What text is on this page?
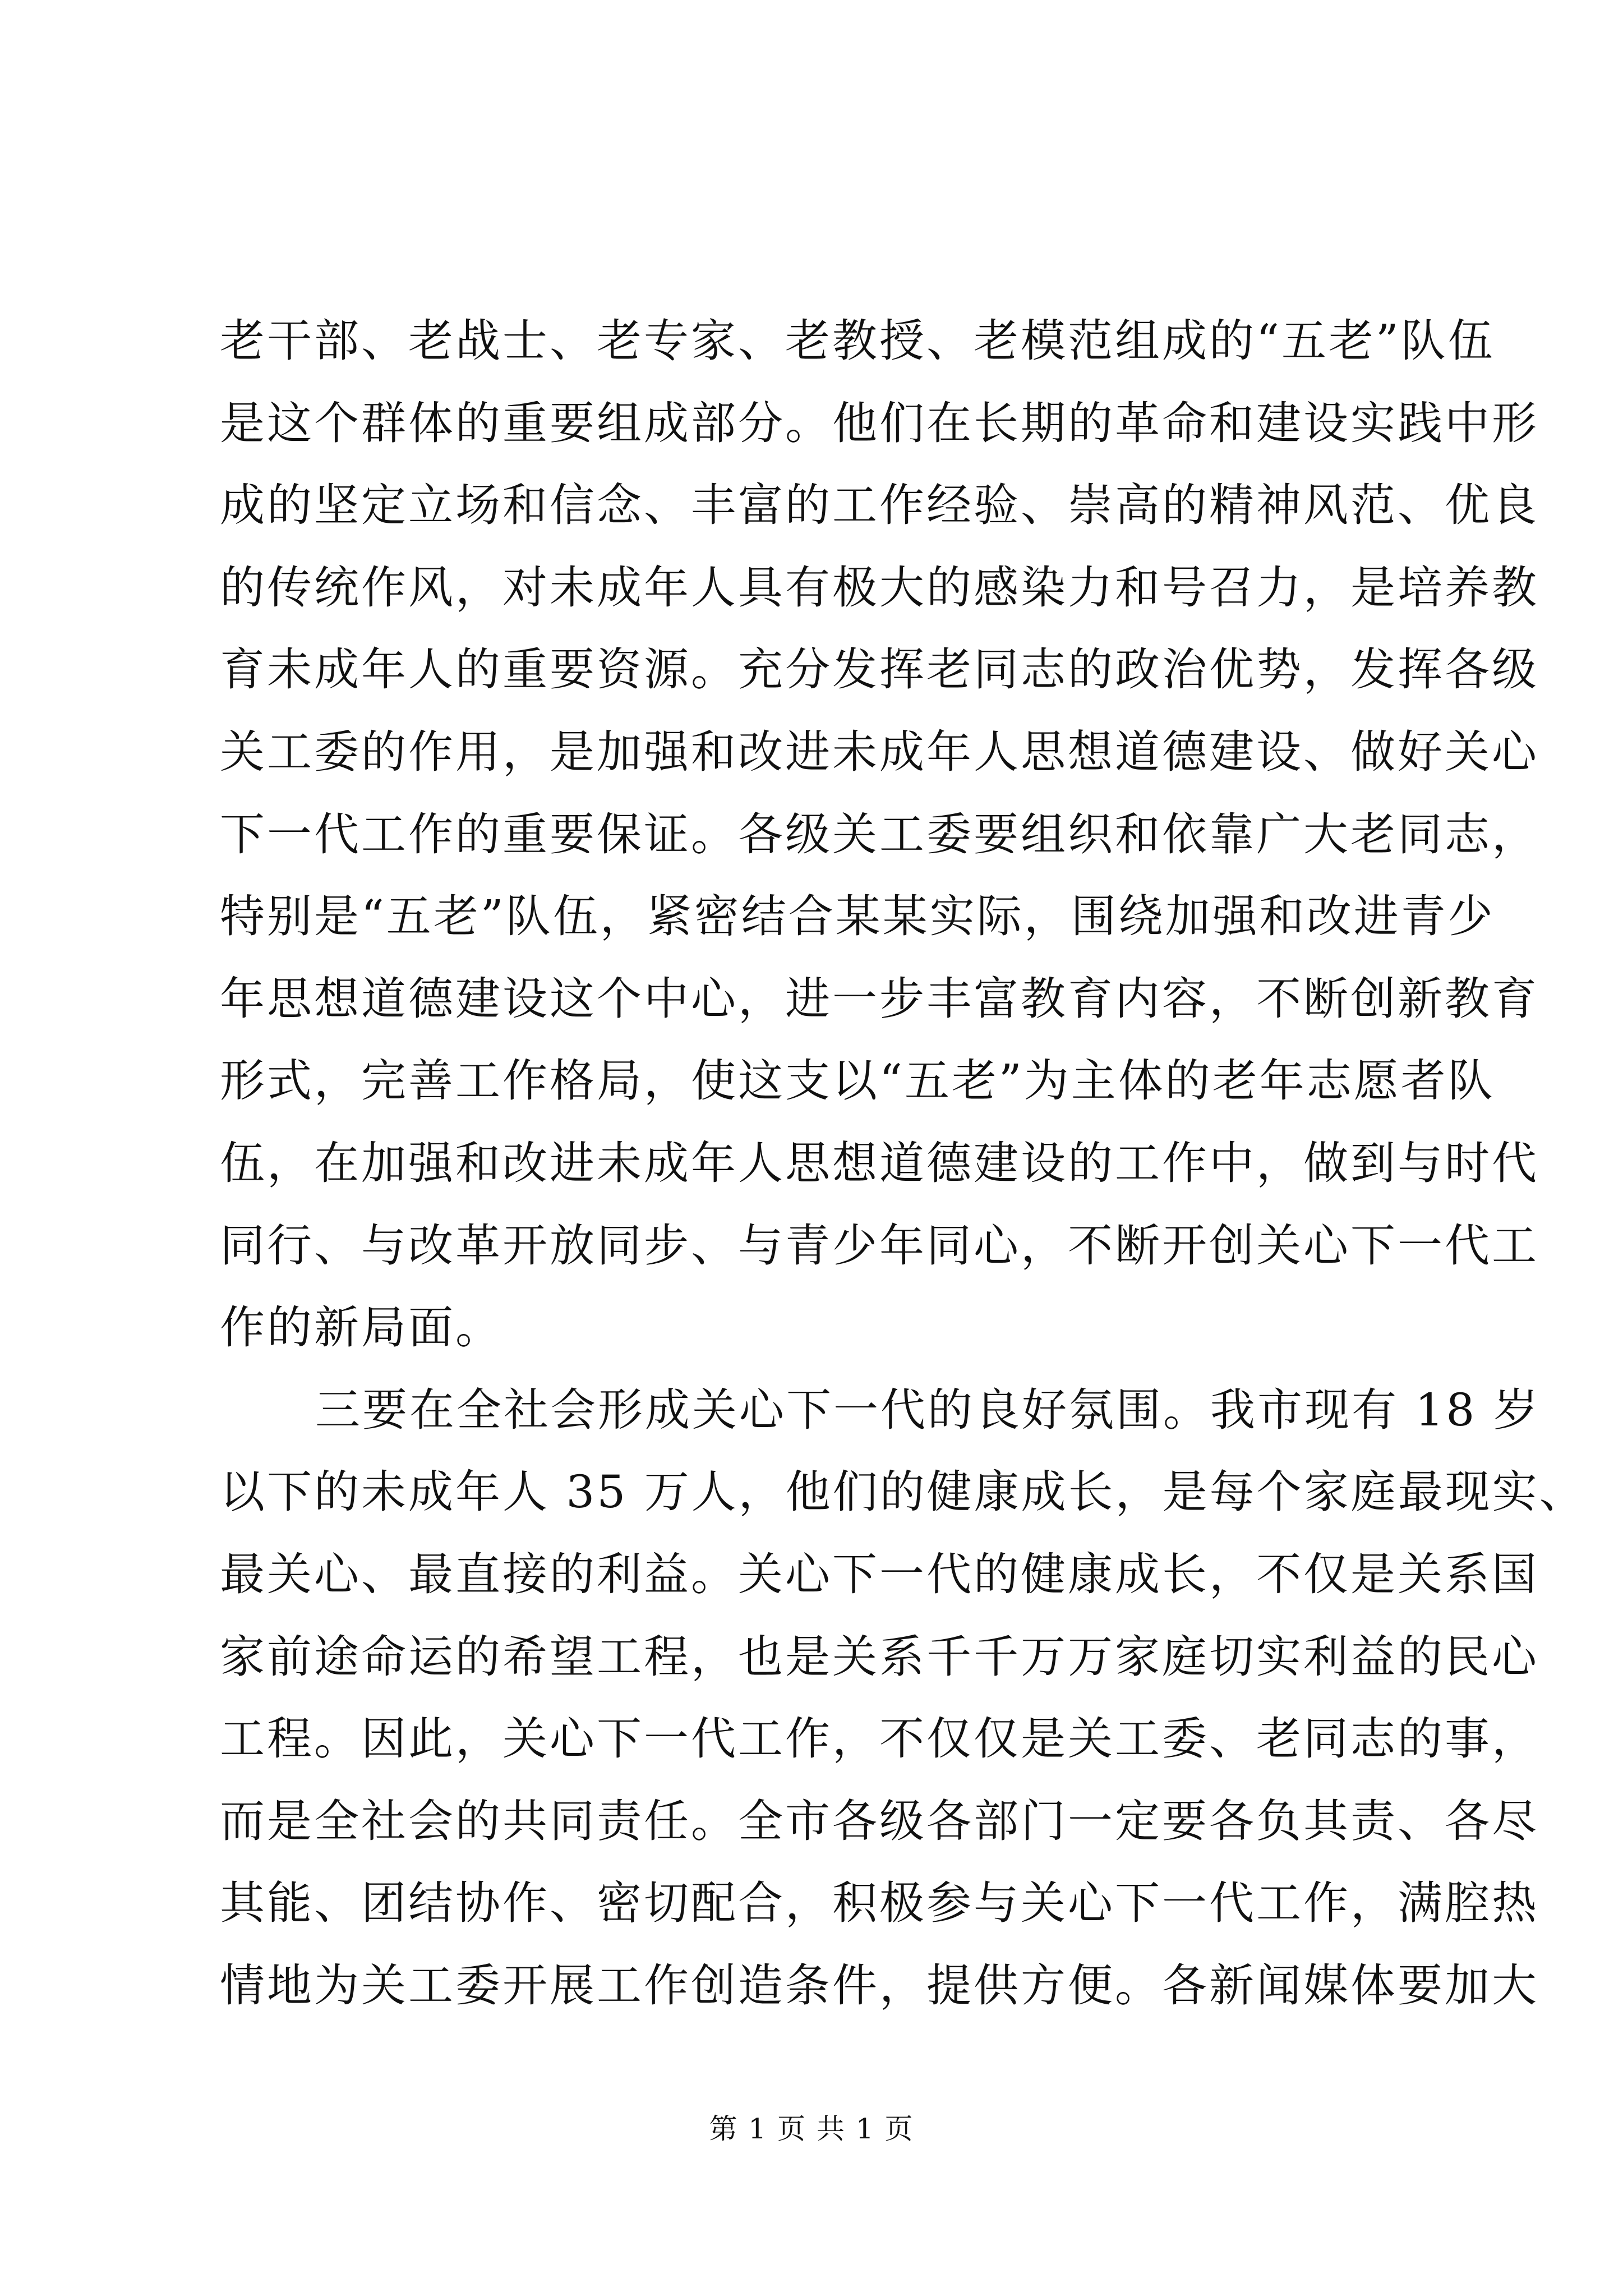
老干部、老战士、老专家、老教授、老模范组成的“五老”队伍
是这个群体的重要组成部分。他们在长期的革命和建设实践中形
成的坚定立场和信念、丰富的工作经验、崇高的精神风范、优良
的传统作风，对未成年人具有极大的感染力和号召力，是培养教
育未成年人的重要资源。充分发挥老同志的政治优势，发挥各级
关工委的作用，是加强和改进未成年人思想道德建设、做好关心
下一代工作的重要保证。各级关工委要组织和依靠广大老同志，
特别是“五老”队伍，紧密结合某某实际，围绕加强和改进青少
年思想道德建设这个中心，进一步丰富教育内容，不断创新教育
形式，完善工作格局，使这支以“五老”为主体的老年志愿者队
伍，在加强和改进未成年人思想道德建设的工作中，做到与时代
同行、与改革开放同步、与青少年同心，不断开创关心下一代工
作的新局面。
三要在全社会形成关心下一代的良好氛围。我市现有 18 岁
以下的未成年人 35 万人，他们的健康成长，是每个家庭最现实、
最关心、最直接的利益。关心下一代的健康成长，不仅是关系国
家前途命运的希望工程，也是关系千千万万家庭切实利益的民心
工程。因此，关心下一代工作，不仅仅是关工委、老同志的事，
而是全社会的共同责任。全市各级各部门一定要各负其责、各尽
其能、团结协作、密切配合，积极参与关心下一代工作，满腔热
情地为关工委开展工作创造条件，提供方便。各新闻媒体要加大
第 1 页 共 1 页
